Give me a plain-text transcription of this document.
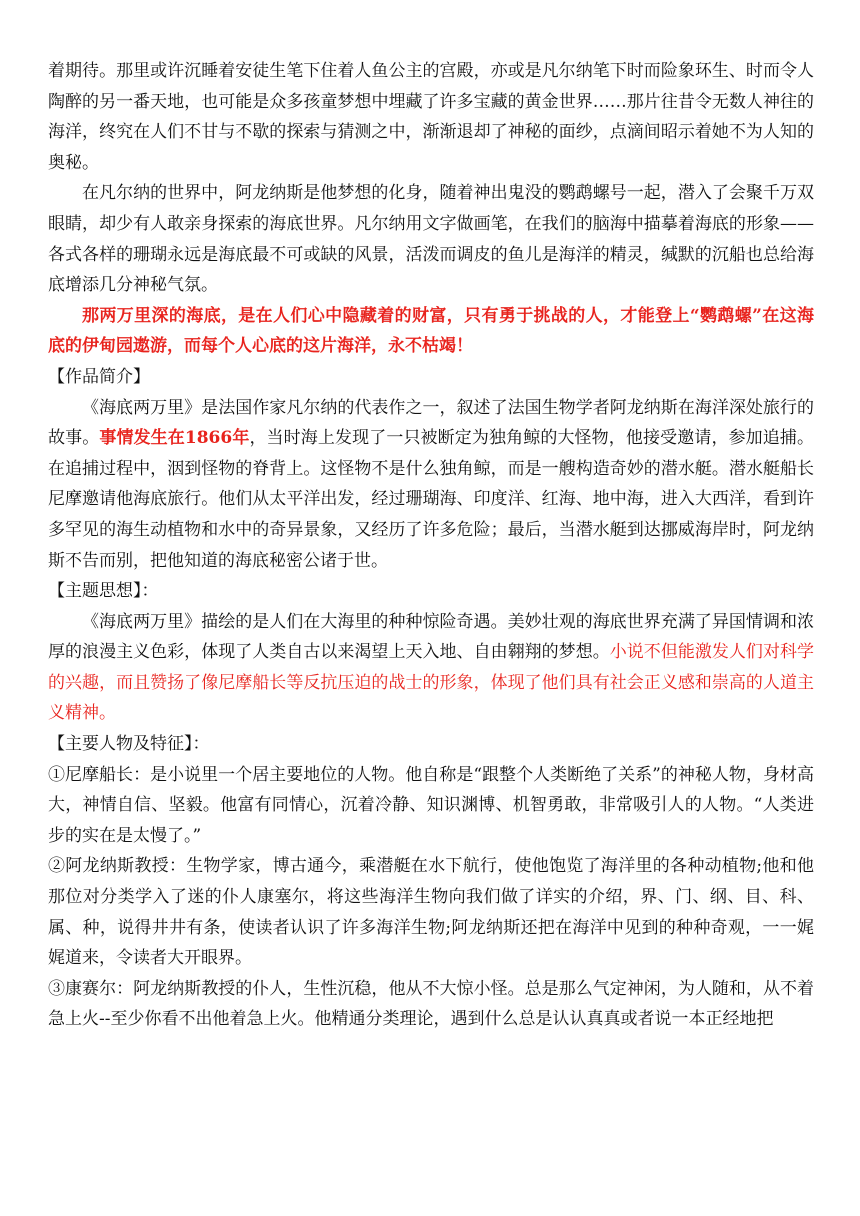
着期待。那里或许沉睡着安徒生笔下住着人鱼公主的宫殿，亦或是凡尔纳笔下时而险象环生、时而令人陶醉的另一番天地，也可能是众多孩童梦想中埋藏了许多宝藏的黄金世界……那片往昔令无数人神往的海洋，终究在人们不甘与不歇的探索与猜测之中，渐渐退却了神秘的面纱，点滴间昭示着她不为人知的奥秘。

在凡尔纳的世界中，阿龙纳斯是他梦想的化身，随着神出鬼没的鹦鹉螺号一起，潜入了会聚千万双眼睛，却少有人敢亲身探索的海底世界。凡尔纳用文字做画笔，在我们的脑海中描摹着海底的形象——各式各样的珊瑚永远是海底最不可或缺的风景，活泼而调皮的鱼儿是海洋的精灵，缄默的沉船也总给海底增添几分神秘气氛。

那两万里深的海底，是在人们心中隐藏着的财富，只有勇于挑战的人，才能登上“鹦鹉螺”在这海底的伊甸园遨游，而每个人心底的这片海洋，永不枯竭！

【作品简介】

《海底两万里》是法国作家凡尔纳的代表作之一，叙述了法国生物学者阿龙纳斯在海洋深处旅行的故事。事情发生在1866年，当时海上发现了一只被断定为独角鲸的大怪物，他接受邀请，参加追捕。在追捕过程中，洇到怪物的脊背上。这怪物不是什么独角鲸，而是一艘构造奇妙的潜水艇。潜水艇船长尼摩邀请他海底旅行。他们从太平洋出发，经过珊瑚海、印度洋、红海、地中海，进入大西洋，看到许多罕见的海生动植物和水中的奇异景象，又经历了许多危险；最后，当潜水艇到达挪威海岸时，阿龙纳斯不告而别，把他知道的海底秘密公诸于世。

【主题思想】：

《海底两万里》描绘的是人们在大海里的种种惊险奇遇。美妙壮观的海底世界充满了异国情调和浓厚的浪漫主义色彩，体现了人类自古以来渴望上天入地、自由翱翔的梦想。小说不但能激发人们对科学的兴趣，而且赞扬了像尼摩船长等反抗压迫的战士的形象，体现了他们具有社会正义感和崇高的人道主义精神。

【主要人物及特征】：

①尼摩船长：是小说里一个居主要地位的人物。他自称是“跟整个人类断绝了关系”的神秘人物，身材高大，神情自信、坚毅。他富有同情心，沉着冷静、知识渊博、机智勇敢，非常吸引人的人物。“人类进步的实在是太慢了。”

②阿龙纳斯教授：生物学家，博古通今，乘潜艇在水下航行，使他饱览了海洋里的各种动植物;他和他那位对分类学入了迷的仆人康塞尔，将这些海洋生物向我们做了详实的介绍，界、门、纲、目、科、属、种，说得井井有条，使读者认识了许多海洋生物;阿龙纳斯还把在海洋中见到的种种奇观，一一娓娓道来，令读者大开眼界。

③康赛尔：阿龙纳斯教授的仆人，生性沉稳，他从不大惊小怪。总是那么气定神闲，为人随和，从不着急上火--至少你看不出他着急上火。他精通分类理论，遇到什么总是认认真真或者说一本正经地把
